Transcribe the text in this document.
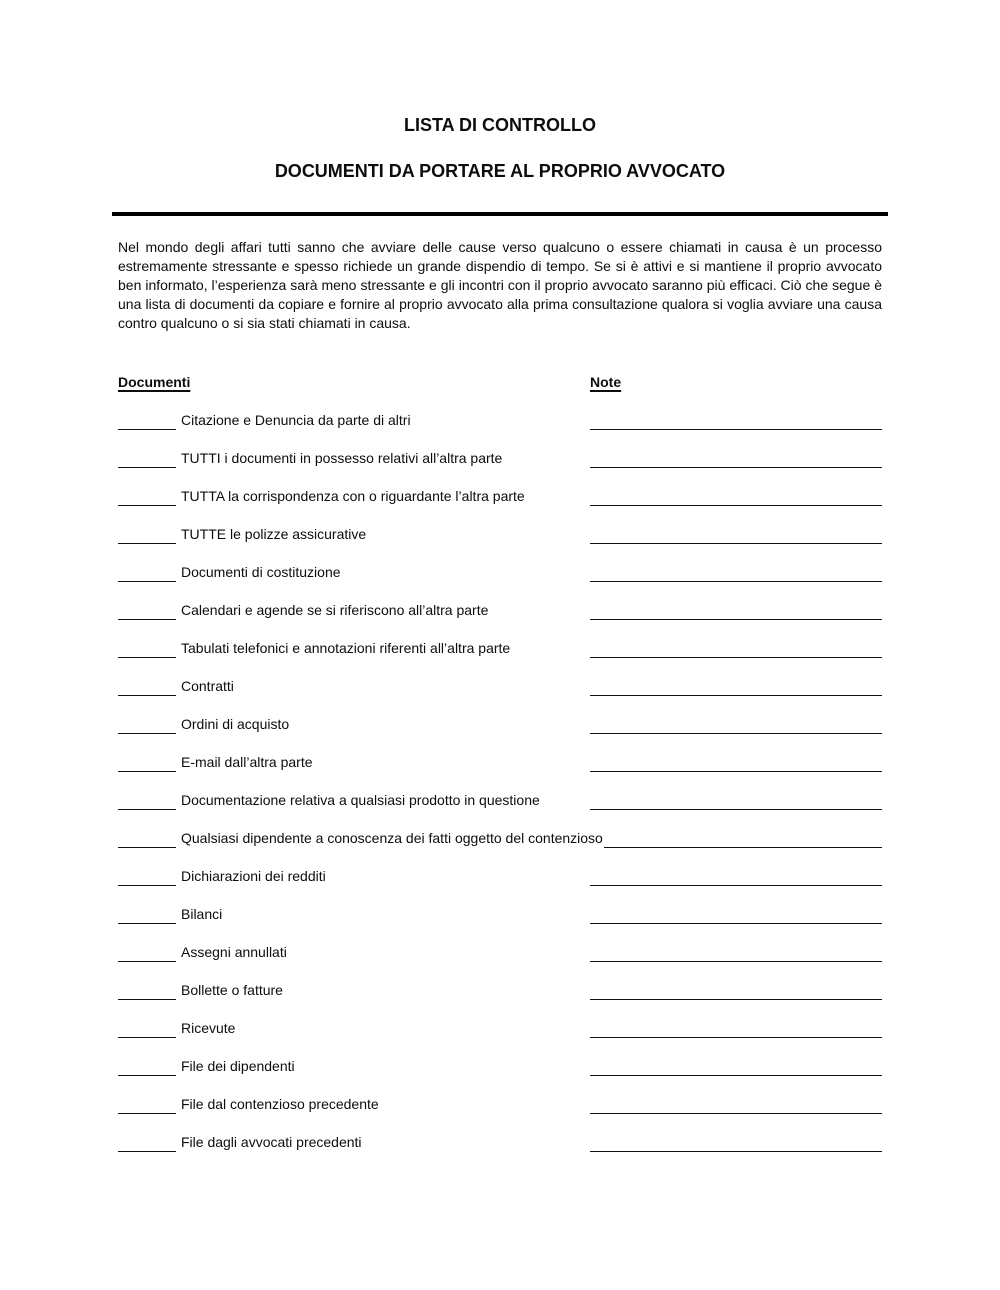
LISTA DI CONTROLLO
DOCUMENTI DA PORTARE AL PROPRIO AVVOCATO

Nel mondo degli affari tutti sanno che avviare delle cause verso qualcuno o essere chiamati in causa è un processo estremamente stressante e spesso richiede un grande dispendio di tempo. Se si è attivi e si mantiene il proprio avvocato ben informato, l’esperienza sarà meno stressante e gli incontri con il proprio avvocato saranno più efficaci. Ciò che segue è una lista di documenti da copiare e fornire al proprio avvocato alla prima consultazione qualora si voglia avviare una causa contro qualcuno o si sia stati chiamati in causa.

Documenti	Note
Citazione e Denuncia da parte di altri
TUTTI i documenti in possesso relativi all’altra parte
TUTTA la corrispondenza con o riguardante l’altra parte
TUTTE le polizze assicurative
Documenti di costituzione
Calendari e agende se si riferiscono all’altra parte
Tabulati telefonici e annotazioni riferenti all’altra parte
Contratti
Ordini di acquisto
E-mail dall’altra parte
Documentazione relativa a qualsiasi prodotto in questione
Qualsiasi dipendente a conoscenza dei fatti oggetto del contenzioso
Dichiarazioni dei redditi
Bilanci
Assegni annullati
Bollette o fatture
Ricevute
File dei dipendenti
File dal contenzioso precedente
File dagli avvocati precedenti
